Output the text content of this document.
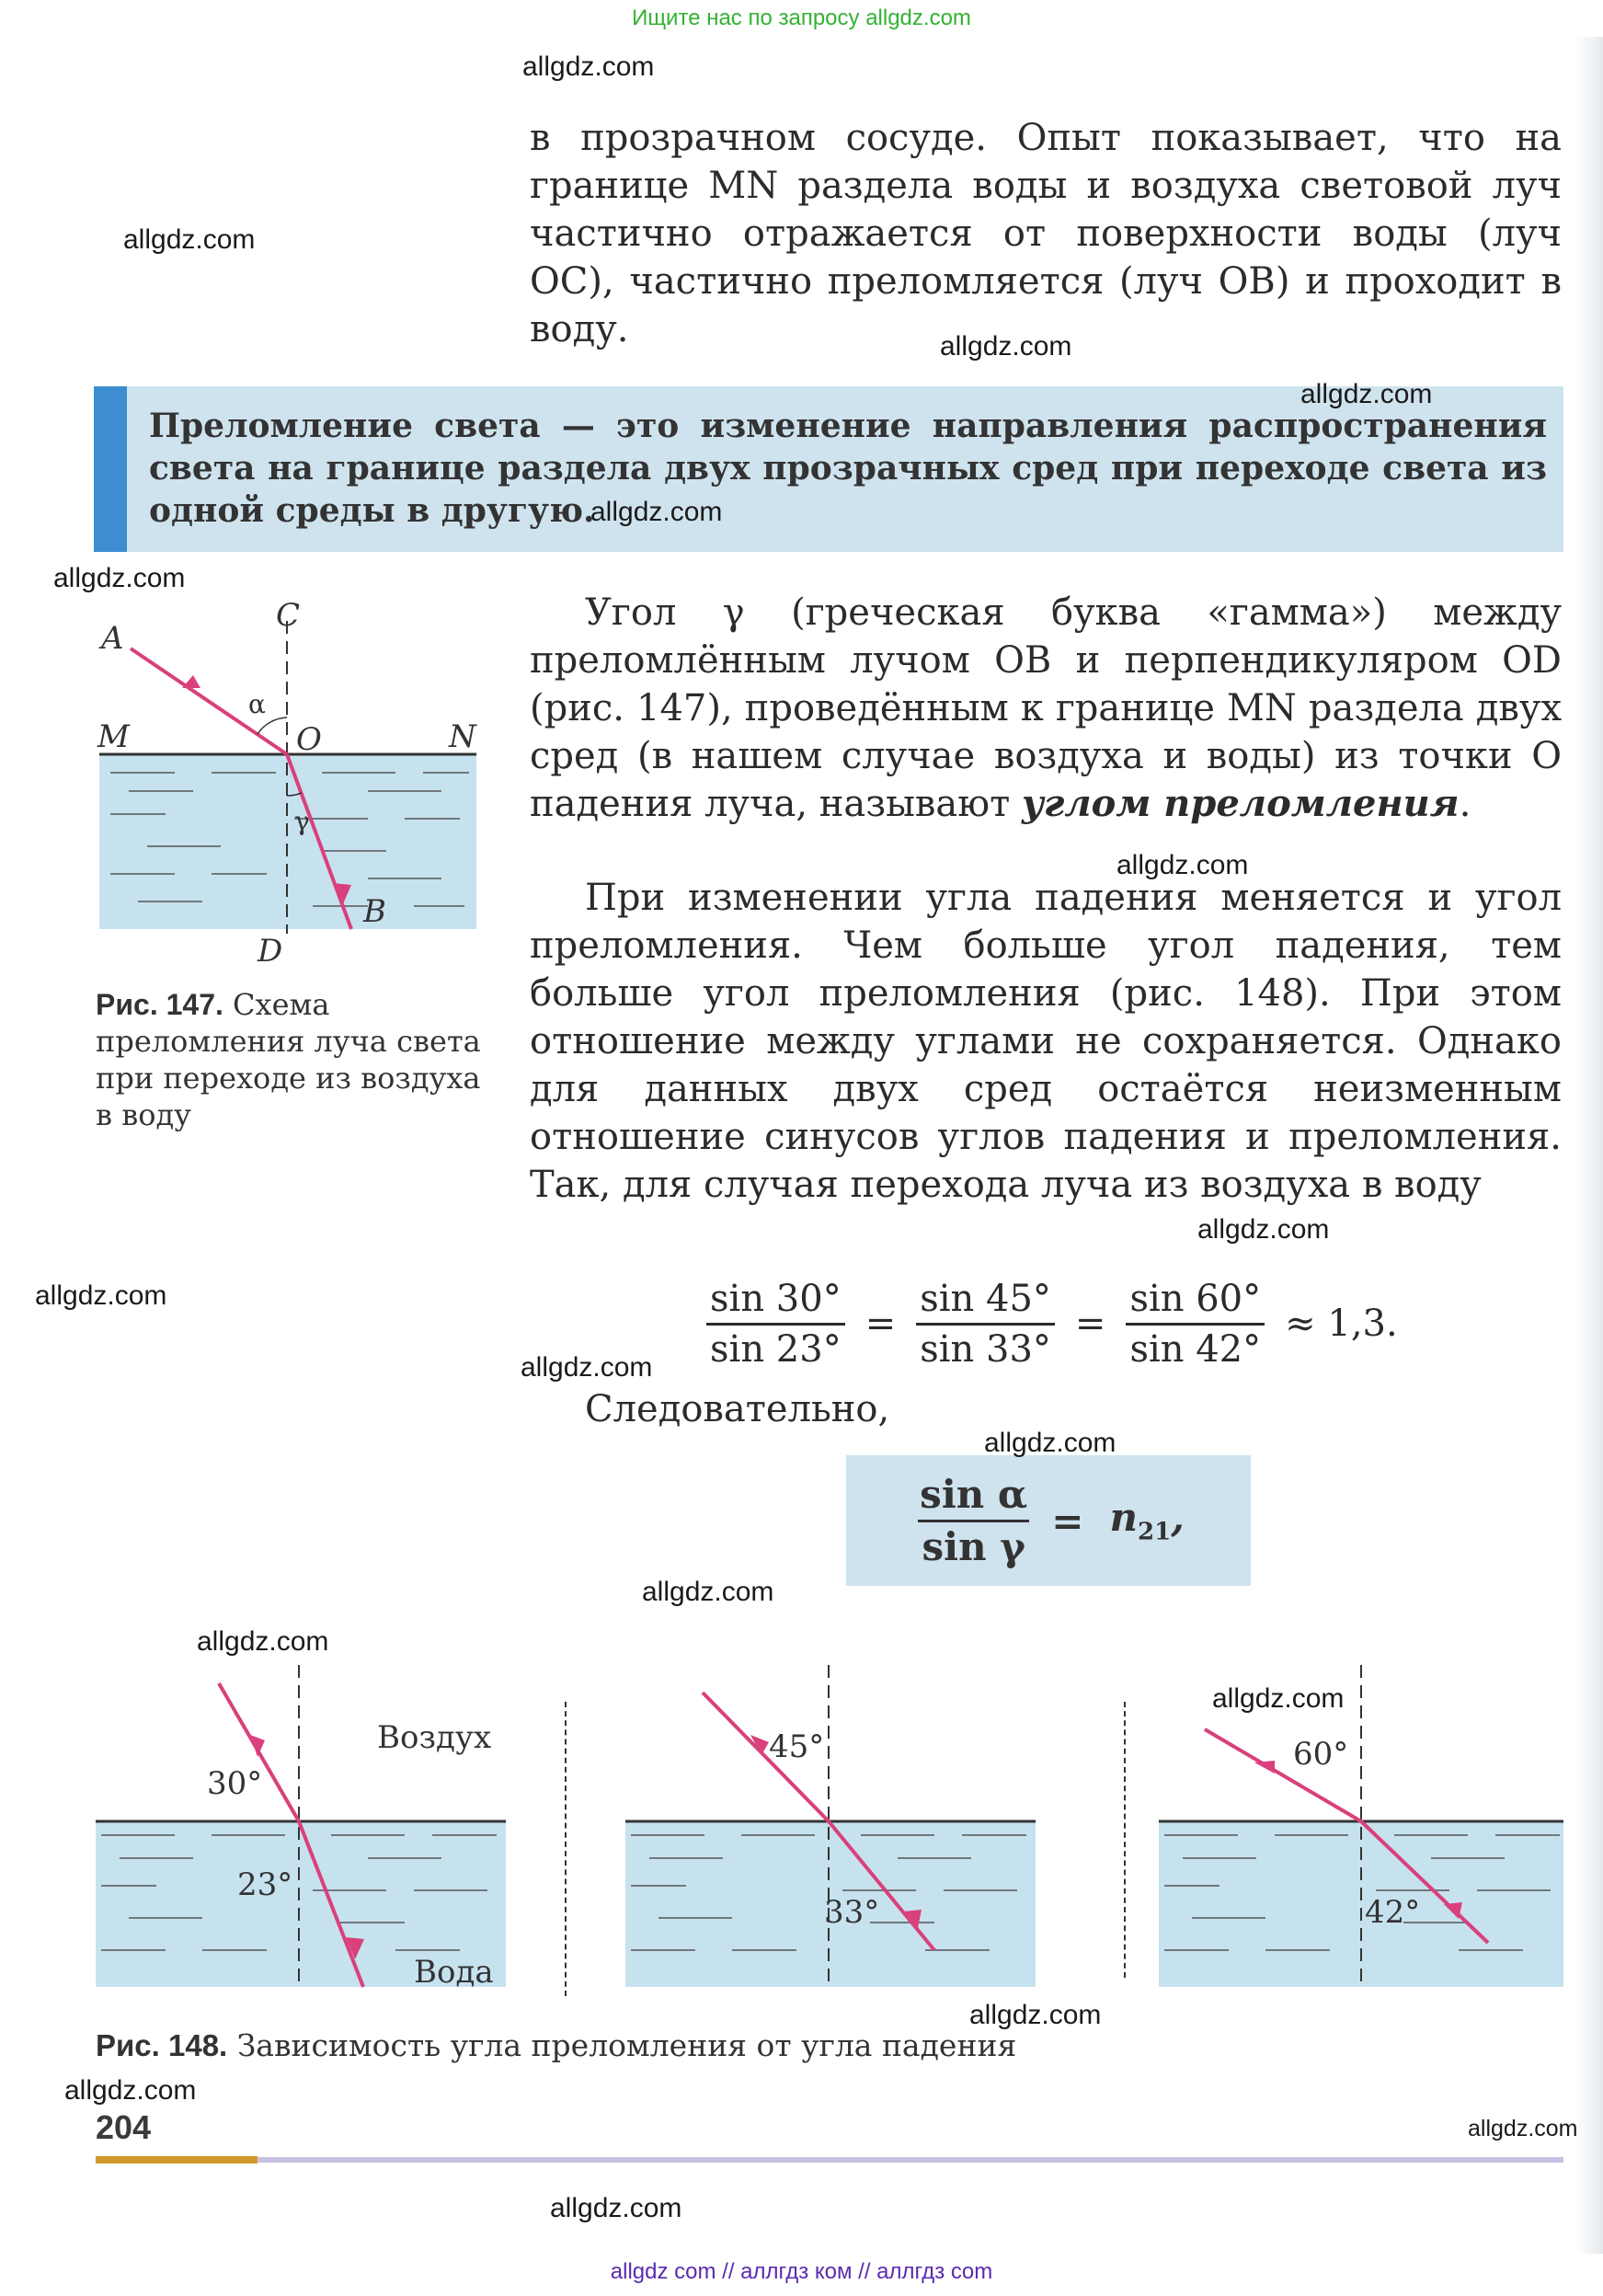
Ищите нас по запросу allgdz.com

в прозрачном сосуде. Опыт показывает, что на границе MN раздела воды и воздуха световой луч частично отражается от поверхности воды (луч OC), частично преломляется (луч OB) и проходит в воду.

Преломление света — это изменение направления распространения света на границе раздела двух прозрачных сред при переходе света из одной среды в другую.

A
C
M	O	N
D
B
α
γ

Рис. 147. Схема преломления луча света при переходе из воздуха в воду

Угол γ (греческая буква «гамма») между преломлённым лучом OB и перпендикуляром OD (рис. 147), проведённым к границе MN раздела двух сред (в нашем случае воздуха и воды) из точки O падения луча, называют углом преломления.

При изменении угла падения меняется и угол преломления. Чем больше угол падения, тем больше угол преломления (рис. 148). При этом отношение между углами не сохраняется. Однако для данных двух сред остаётся неизменным отношение синусов углов падения и преломления. Так, для случая перехода луча из воздуха в воду

$\frac{\sin 30^\circ}{\sin 23^\circ} = \frac{\sin 45^\circ}{\sin 33^\circ} = \frac{\sin 60^\circ}{\sin 42^\circ} \approx 1,3$.

Следовательно,

$\frac{\text{sin α}}{\text{sin γ}} = n_{21}$,
30°
23°
Воздух
Вода
45°
33°
60°
42°

Рис. 148. Зависимость угла преломления от угла падения

204
allgdz.com
allgdz.com
allgdz.com
allgdz.com
allgdz.com
allgdz.com
allgdz.com
allgdz.com
allgdz.com
allgdz.com
allgdz.com
allgdz.com
allgdz.com
allgdz.com
allgdz.com
allgdz.com
allgdz.com
allgdz.com
allgdz com // аллгдз ком // аллгдз com
